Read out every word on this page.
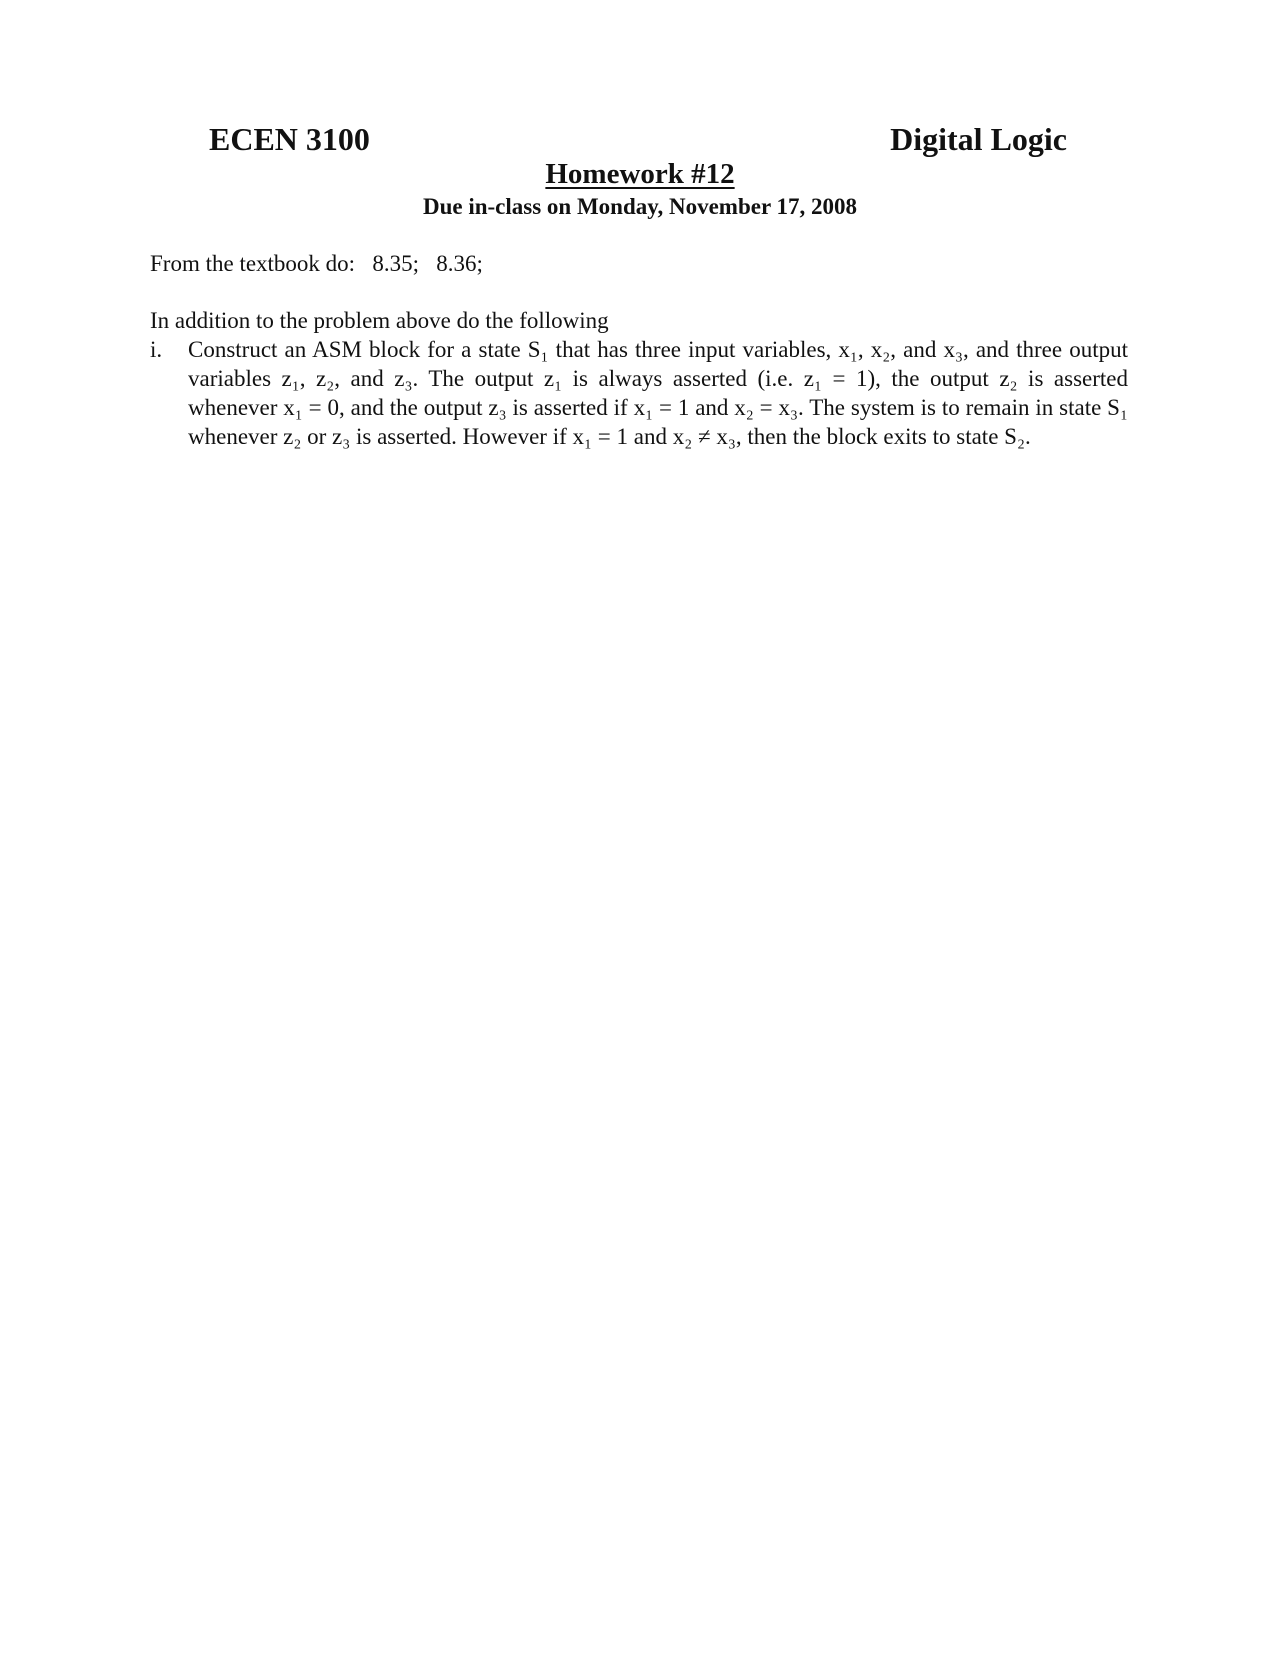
ECEN 3100	Digital Logic
Homework #12
Due in-class on Monday, November 17, 2008
From the textbook do:   8.35;   8.36;
In addition to the problem above do the following
i. Construct an ASM block for a state S₁ that has three input variables, x₁, x₂, and x₃, and three output variables z₁, z₂, and z₃. The output z₁ is always asserted (i.e. z₁ = 1), the output z₂ is asserted whenever x₁ = 0, and the output z₃ is asserted if x₁ = 1 and x₂ = x₃. The system is to remain in state S₁ whenever z₂ or z₃ is asserted. However if x₁ = 1 and x₂ ≠ x₃, then the block exits to state S₂.
